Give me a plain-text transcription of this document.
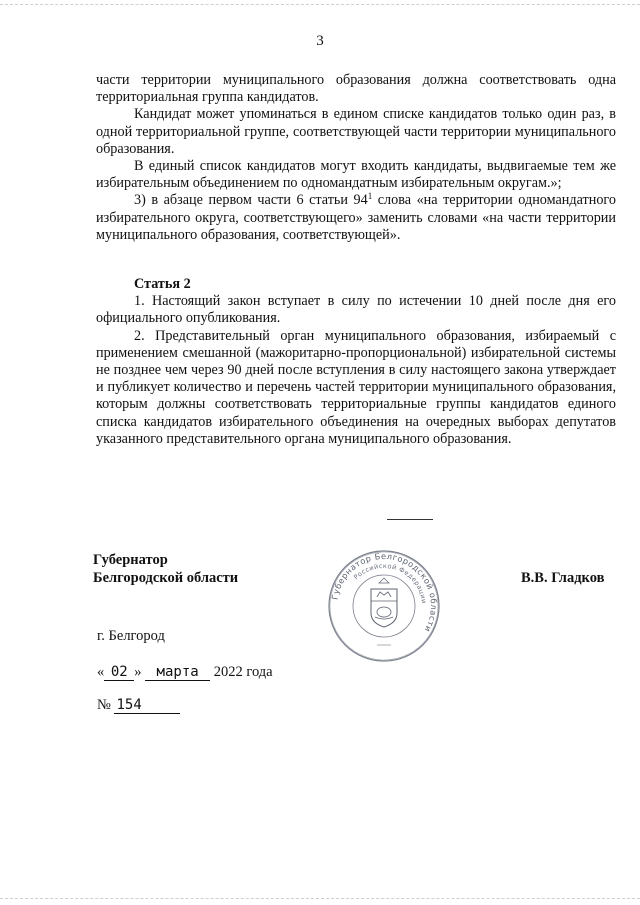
3

части территории муниципального образования должна соответствовать одна территориальная группа кандидатов.

Кандидат может упоминаться в едином списке кандидатов только один раз, в одной территориальной группе, соответствующей части территории муниципального образования.

В единый список кандидатов могут входить кандидаты, выдвигаемые тем же избирательным объединением по одномандатным избирательным округам.»;

3) в абзаце первом части 6 статьи $94^1$ слова «на территории одномандатного избирательного округа, соответствующего» заменить словами «на части территории муниципального образования, соответствующей».

Статья 2

1. Настоящий закон вступает в силу по истечении 10 дней после дня его официального опубликования.

2. Представительный орган муниципального образования, избираемый с применением смешанной (мажоритарно-пропорциональной) избирательной системы не позднее чем через 90 дней после вступления в силу настоящего закона утверждает и публикует количество и перечень частей территории муниципального образования, которым должны соответствовать территориальные группы кандидатов единого списка кандидатов избирательного объединения на очередных выборах депутатов указанного представительного органа муниципального образования.

Губернатор
Белгородской области
Губернатор Белгородской области
Российской Федерации
В.В. Гладков
г. Белгород
« 02 » марта 2022 года
№ 154
